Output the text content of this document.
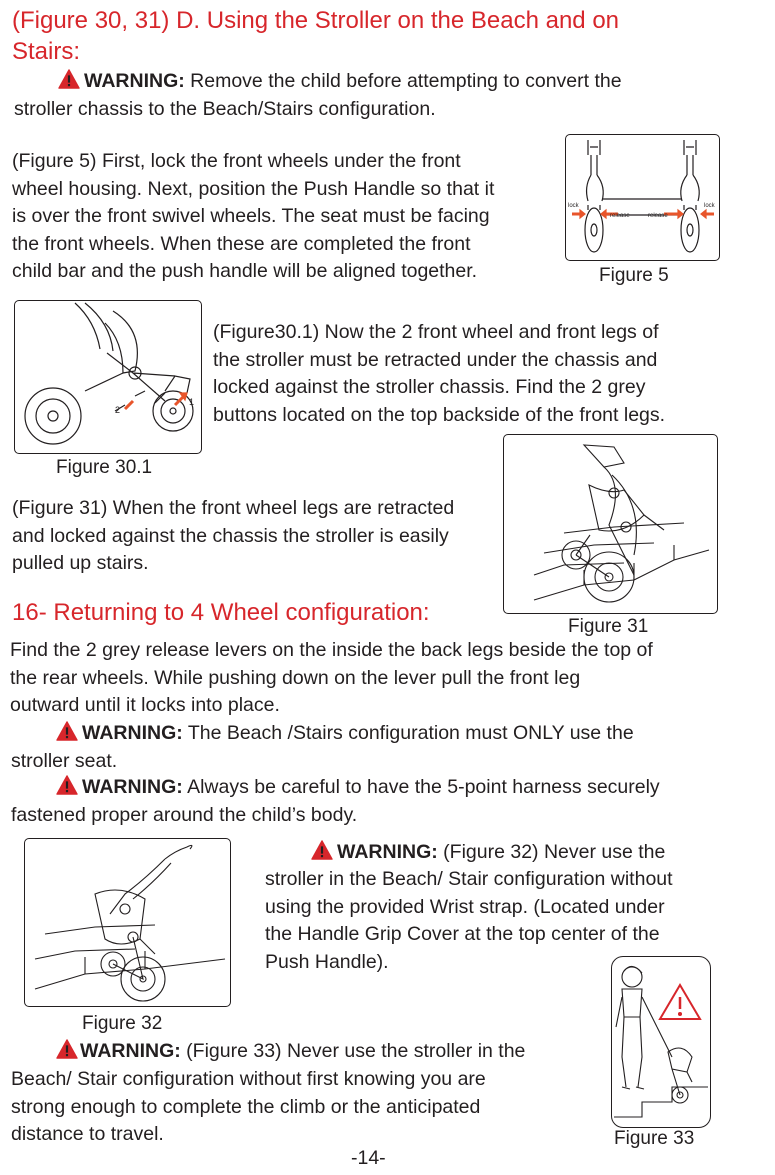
(Figure 30, 31) D. Using the Stroller on the Beach and on
Stairs:
WARNING: Remove the child before attempting to convert the
stroller chassis to the Beach/Stairs configuration.
(Figure 5) First, lock the front wheels under the front
wheel housing. Next, position the Push Handle so that it
is over the front swivel wheels. The seat must be facing
the front wheels. When these are completed the front
child bar and the push handle will be aligned together.
lock
release	release
lock
Figure 5
2
1
Figure 30.1
(Figure30.1) Now the 2 front wheel and front legs of
the stroller must be retracted under the chassis and
locked against the stroller chassis. Find the 2 grey
buttons located on the top backside of the front legs.
Figure 31
(Figure 31) When the front wheel legs are retracted
and locked against the chassis the stroller is easily
pulled up stairs.
16- Returning to 4 Wheel configuration:
Find the 2 grey release levers on the inside the back legs beside the top of
the rear wheels. While pushing down on the lever pull the front leg
outward until it locks into place.
WARNING: The Beach /Stairs configuration must ONLY use the
stroller seat.
WARNING: Always be careful to have the 5-point harness securely
fastened proper around the child’s body.
Figure 32
WARNING: (Figure 32) Never use the
stroller in the Beach/ Stair configuration without
using the provided Wrist strap. (Located under
the Handle Grip Cover at the top center of the
Push Handle).
Figure 33
WARNING: (Figure 33) Never use the stroller in the
Beach/ Stair configuration without first knowing you are
strong enough to complete the climb or the anticipated
distance to travel.
-14-
